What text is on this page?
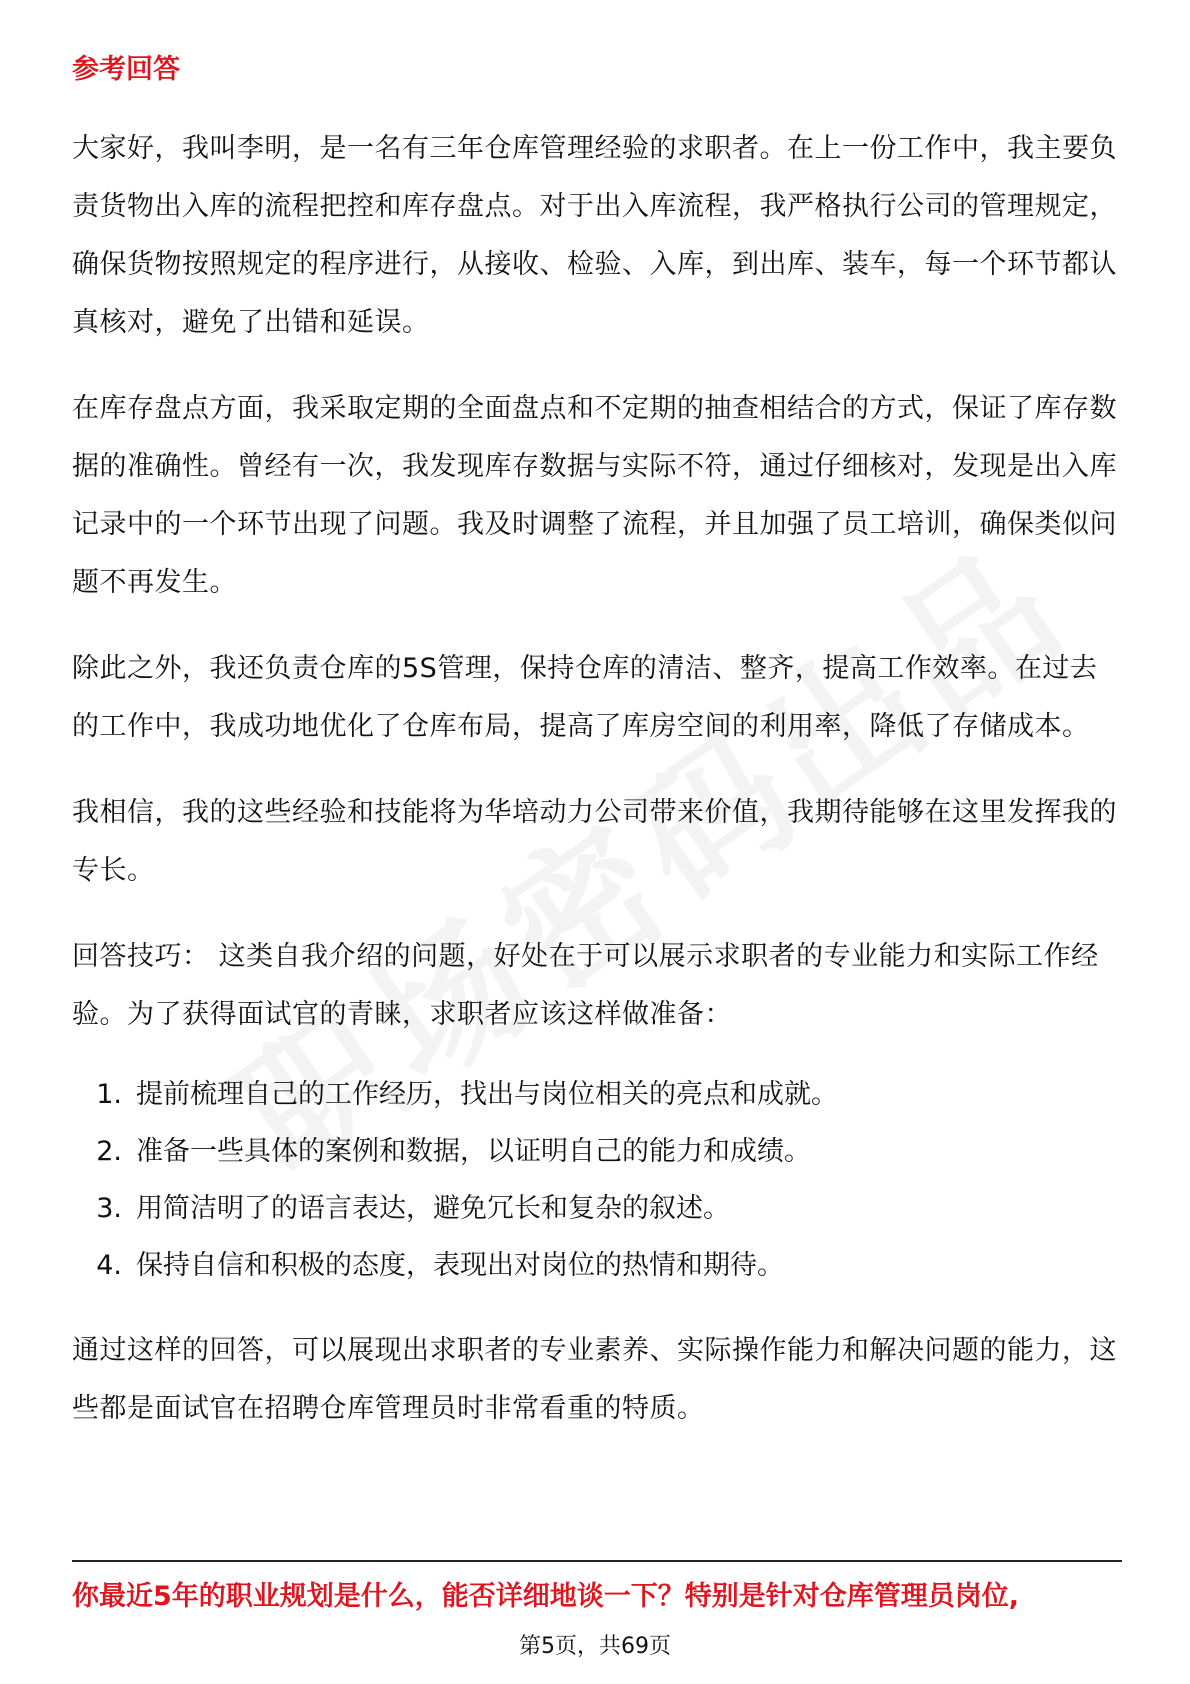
参考回答

大家好，我叫李明，是一名有三年仓库管理经验的求职者。在上一份工作中，我主要负责货物出入库的流程把控和库存盘点。对于出入库流程，我严格执行公司的管理规定，确保货物按照规定的程序进行，从接收、检验、入库，到出库、装车，每一个环节都认真核对，避免了出错和延误。

在库存盘点方面，我采取定期的全面盘点和不定期的抽查相结合的方式，保证了库存数据的准确性。曾经有一次，我发现库存数据与实际不符，通过仔细核对，发现是出入库记录中的一个环节出现了问题。我及时调整了流程，并且加强了员工培训，确保类似问题不再发生。

除此之外，我还负责仓库的5S管理，保持仓库的清洁、整齐，提高工作效率。在过去的工作中，我成功地优化了仓库布局，提高了库房空间的利用率，降低了存储成本。

我相信，我的这些经验和技能将为华培动力公司带来价值，我期待能够在这里发挥我的专长。

回答技巧： 这类自我介绍的问题，好处在于可以展示求职者的专业能力和实际工作经验。为了获得面试官的青睐，求职者应该这样做准备：

1. 提前梳理自己的工作经历，找出与岗位相关的亮点和成就。
2. 准备一些具体的案例和数据，以证明自己的能力和成绩。
3. 用简洁明了的语言表达，避免冗长和复杂的叙述。
4. 保持自信和积极的态度，表现出对岗位的热情和期待。

通过这样的回答，可以展现出求职者的专业素养、实际操作能力和解决问题的能力，这些都是面试官在招聘仓库管理员时非常看重的特质。

你最近5年的职业规划是什么，能否详细地谈一下？特别是针对仓库管理员岗位,
第5页，共69页
